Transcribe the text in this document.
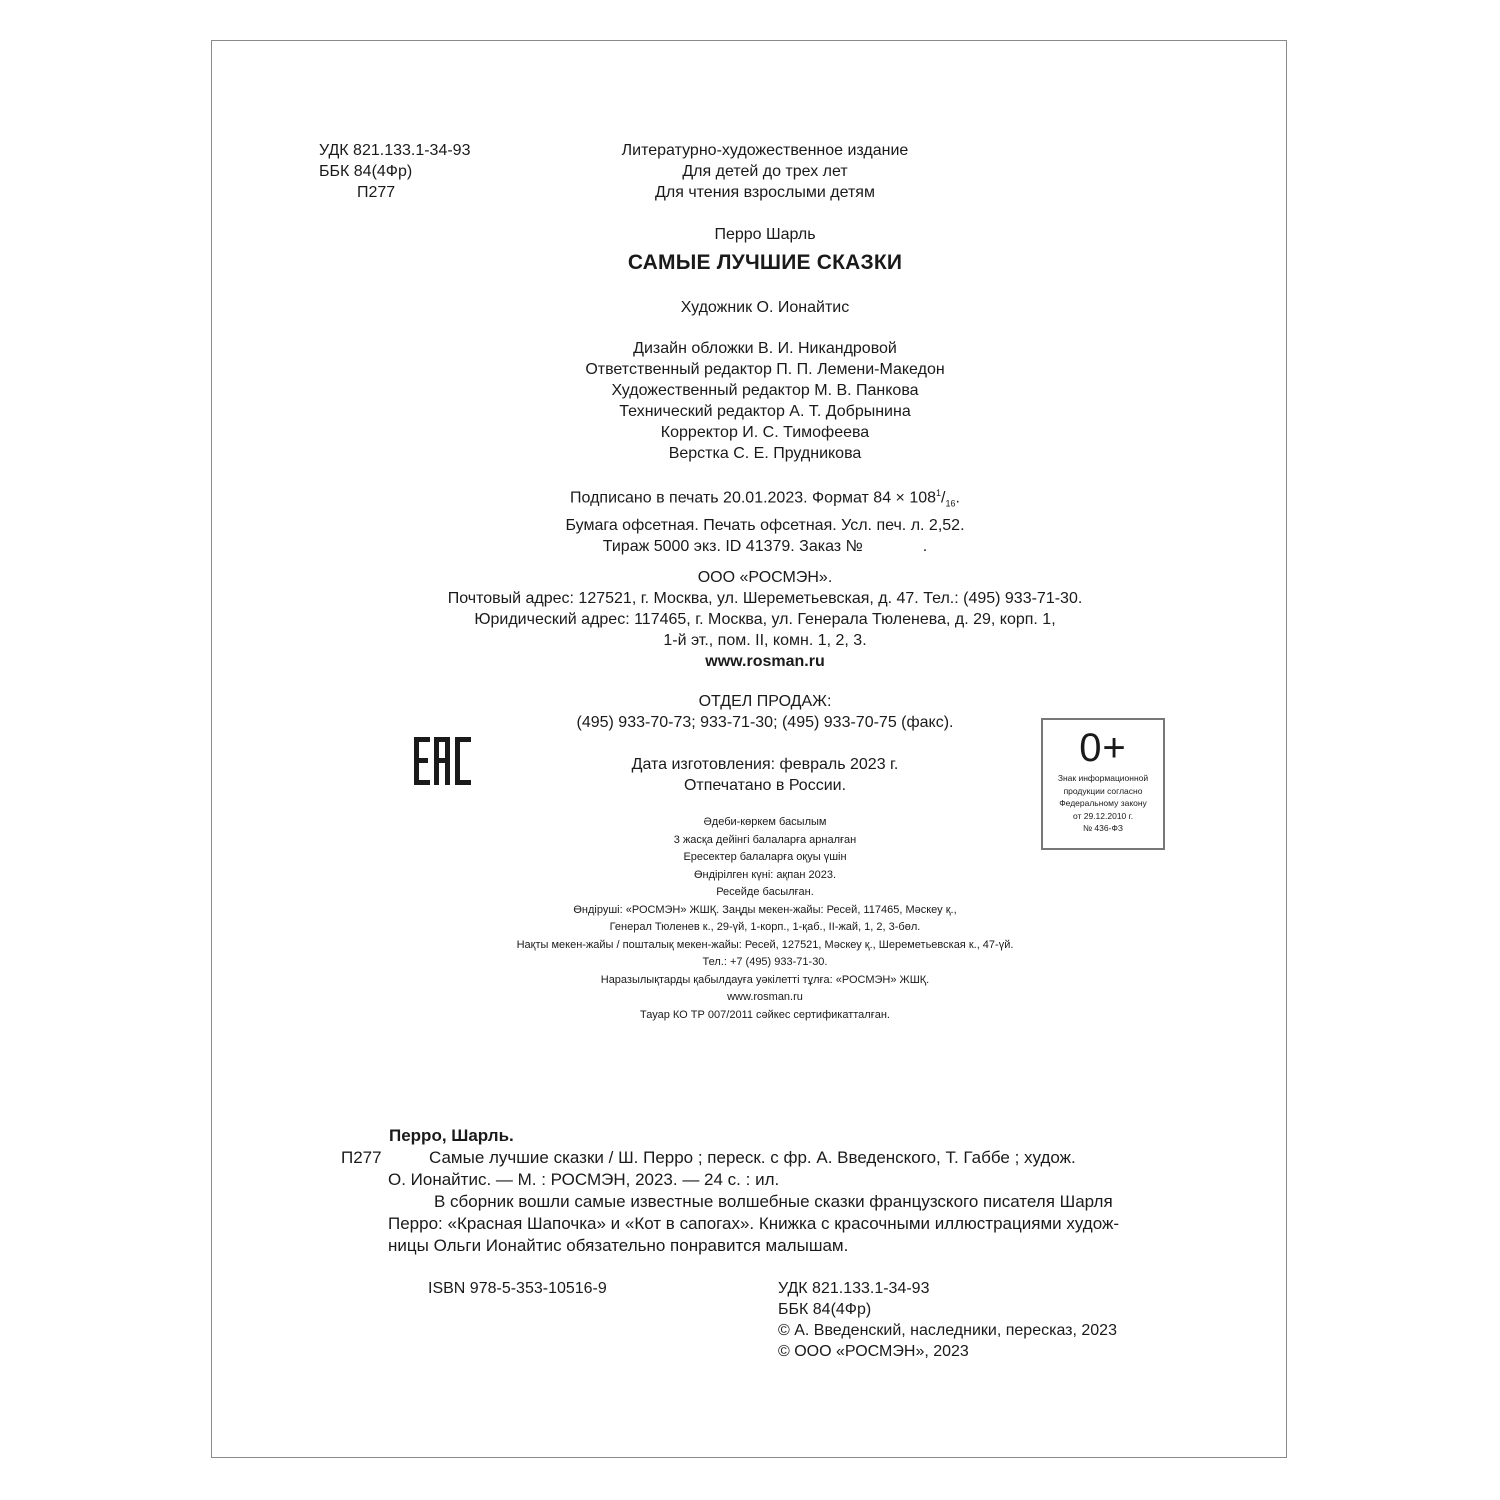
УДК 821.133.1-34-93
ББК 84(4Фр)
П277
Литературно-художественное издание
Для детей до трех лет
Для чтения взрослыми детям
Перро Шарль
САМЫЕ ЛУЧШИЕ СКАЗКИ
Художник О. Ионайтис
Дизайн обложки В. И. Никандровой
Ответственный редактор П. П. Лемени-Македон
Художественный редактор М. В. Панкова
Технический редактор А. Т. Добрынина
Корректор И. С. Тимофеева
Верстка С. Е. Прудникова
Подписано в печать 20.01.2023. Формат $84 \times 108^1/_{16}$.
Бумага офсетная. Печать офсетная. Усл. печ. л. 2,52.
Тираж 5000 экз. ID 41379. Заказ №	.
ООО «РОСМЭН».
Почтовый адрес: 127521, г. Москва, ул. Шереметьевская, д. 47. Тел.: (495) 933-71-30.
Юридический адрес: 117465, г. Москва, ул. Генерала Тюленева, д. 29, корп. 1,
1-й эт., пом. II, комн. 1, 2, 3.
www.rosman.ru
ОТДЕЛ ПРОДАЖ:
(495) 933-70-73; 933-71-30; (495) 933-70-75 (факс).
Дата изготовления: февраль 2023 г.
Отпечатано в России.
0+
Знак информационной
продукции согласно
Федеральному закону
от 29.12.2010 г.
№ 436-ФЗ
Әдеби-көркем басылым
3 жасқа дейінгі балаларға арналған
Ересектер балаларға оқуы үшін
Өндірілген күні: ақпан 2023.
Ресейде басылған.
Өндіруші: «РОСМЭН» ЖШҚ. Заңды мекен-жайы: Ресей, 117465, Мәскеу қ.,
Генерал Тюленев к., 29-үй, 1-корп., 1-қаб., II-жай, 1, 2, 3-бөл.
Нақты мекен-жайы / пошталық мекен-жайы: Ресей, 127521, Мәскеу қ., Шереметьевская к., 47-үй.
Тел.: +7 (495) 933-71-30.
Наразылықтарды қабылдауға уәкілетті тұлға: «РОСМЭН» ЖШҚ.
www.rosman.ru
Тауар КО ТР 007/2011 сәйкес сертификатталған.
Перро, Шарль.
П277	Самые лучшие сказки / Ш. Перро ; переск. с фр. А. Введенского, Т. Габбе ; худож.
О. Ионайтис. — М. : РОСМЭН, 2023. — 24 с. : ил.
В сборник вошли самые известные волшебные сказки французского писателя Шарля
Перро: «Красная Шапочка» и «Кот в сапогах». Книжка с красочными иллюстрациями худож-
ницы Ольги Ионайтис обязательно понравится малышам.
ISBN 978-5-353-10516-9	УДК 821.133.1-34-93
ББК 84(4Фр)
© А. Введенский, наследники, пересказ, 2023
© ООО «РОСМЭН», 2023
